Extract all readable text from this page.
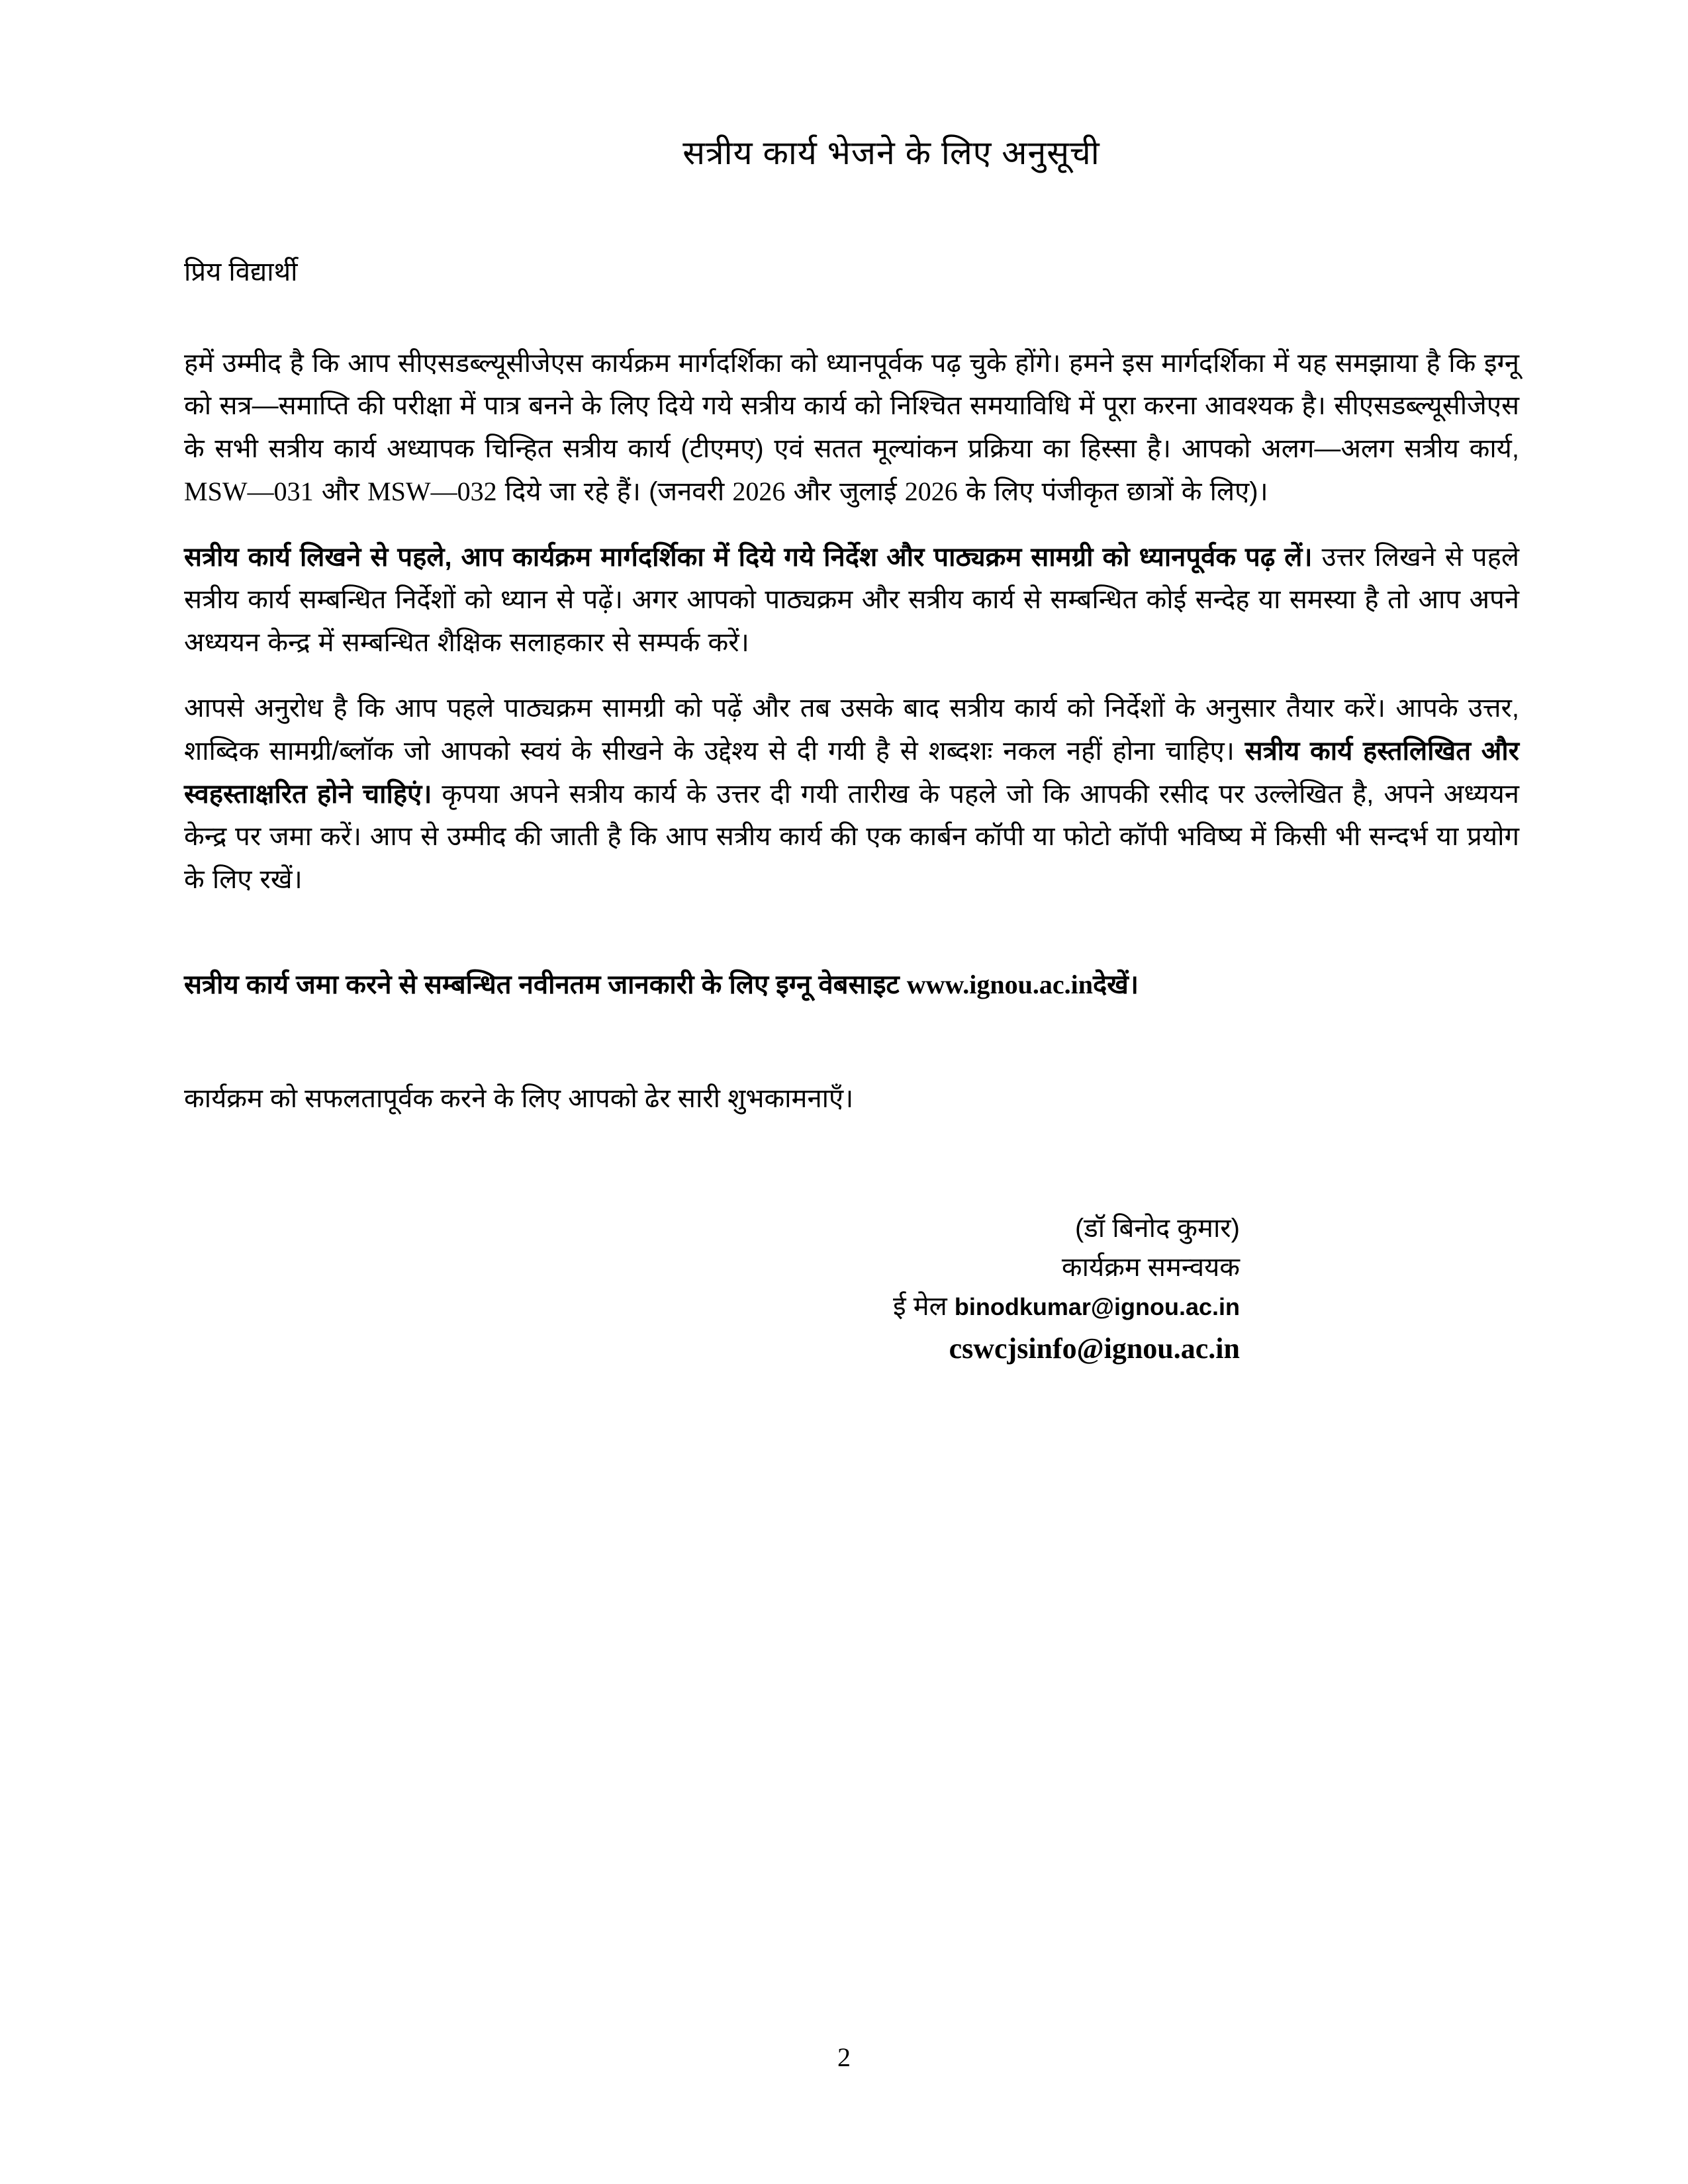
सत्रीय कार्य भेजने के लिए अनुसूची
प्रिय विद्यार्थी

हमें उम्मीद है कि आप सीएसडब्ल्यूसीजेएस कार्यक्रम मार्गदर्शिका को ध्यानपूर्वक पढ़ चुके होंगे। हमने इस मार्गदर्शिका में यह समझाया है कि इग्नू को सत्र—समाप्ति की परीक्षा में पात्र बनने के लिए दिये गये सत्रीय कार्य को निश्चित समयाविधि में पूरा करना आवश्यक है। सीएसडब्ल्यूसीजेएस के सभी सत्रीय कार्य अध्यापक चिन्हित सत्रीय कार्य (टीएमए) एवं सतत मूल्यांकन प्रक्रिया का हिस्सा है। आपको अलग—अलग सत्रीय कार्य, MSW—031 और MSW—032 दिये जा रहे हैं। (जनवरी 2026 और जुलाई 2026 के लिए पंजीकृत छात्रों के लिए)।

सत्रीय कार्य लिखने से पहले, आप कार्यक्रम मार्गदर्शिका में दिये गये निर्देश और पाठ्यक्रम सामग्री को ध्यानपूर्वक पढ़ लें। उत्तर लिखने से पहले सत्रीय कार्य सम्बन्धित निर्देशों को ध्यान से पढ़ें। अगर आपको पाठ्यक्रम और सत्रीय कार्य से सम्बन्धित कोई सन्देह या समस्या है तो आप अपने अध्ययन केन्द्र में सम्बन्धित शैक्षिक सलाहकार से सम्पर्क करें।

आपसे अनुरोध है कि आप पहले पाठ्यक्रम सामग्री को पढ़ें और तब उसके बाद सत्रीय कार्य को निर्देशों के अनुसार तैयार करें। आपके उत्तर, शाब्दिक सामग्री/ब्लॉक जो आपको स्वयं के सीखने के उद्देश्य से दी गयी है से शब्दशः नकल नहीं होना चाहिए। सत्रीय कार्य हस्तलिखित और स्वहस्ताक्षरित होने चाहिएं। कृपया अपने सत्रीय कार्य के उत्तर दी गयी तारीख के पहले जो कि आपकी रसीद पर उल्लेखित है, अपने अध्ययन केन्द्र पर जमा करें। आप से उम्मीद की जाती है कि आप सत्रीय कार्य की एक कार्बन कॉपी या फोटो कॉपी भविष्य में किसी भी सन्दर्भ या प्रयोग के लिए रखें।

सत्रीय कार्य जमा करने से सम्बन्धित नवीनतम जानकारी के लिए इग्नू वेबसाइट www.ignou.ac.inदेखें।

कार्यक्रम को सफलतापूर्वक करने के लिए आपको ढेर सारी शुभकामनाएँ।

(डॉ बिनोद कुमार)
कार्यक्रम समन्वयक
ई मेल binodkumar@ignou.ac.in
cswcjsinfo@ignou.ac.in
2
